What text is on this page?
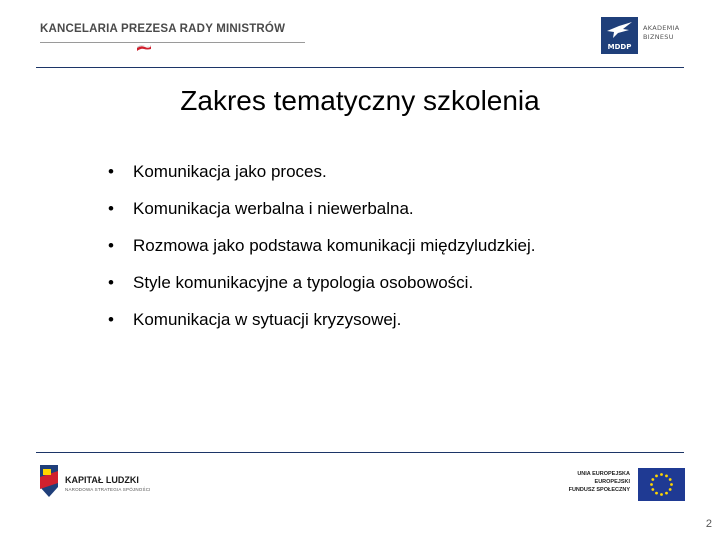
KANCELARIA PREZESA RADY MINISTRÓW
MDDP
AKADEMIA
BIZNESU
Zakres tematyczny szkolenia
• Komunikacja jako proces.
• Komunikacja werbalna i niewerbalna.
• Rozmowa jako podstawa komunikacji międzyludzkiej.
• Style komunikacyjne a typologia osobowości.
• Komunikacja w sytuacji kryzysowej.
KAPITAŁ LUDZKI
NARODOWA STRATEGIA SPÓJNOŚCI
UNIA EUROPEJSKA
EUROPEJSKI
FUNDUSZ SPOŁECZNY
2
